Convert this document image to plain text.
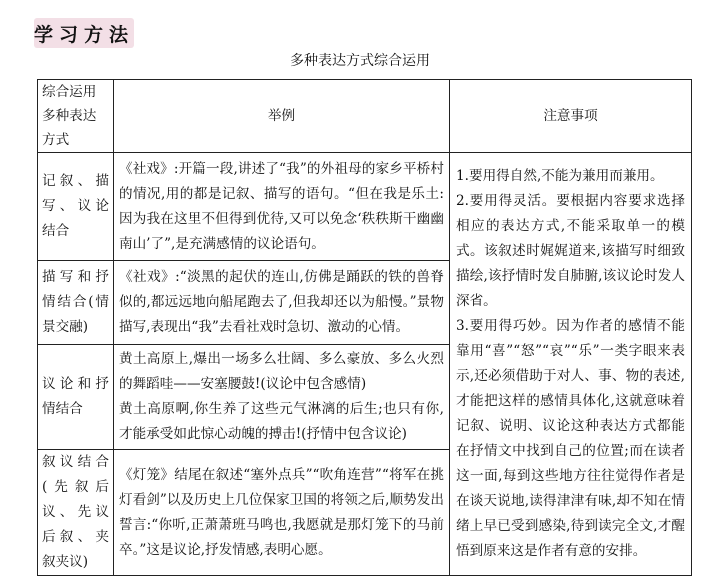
学习方法
多种表达方式综合运用
综合运用多种表达方式	举例	注意事项
记叙、描写、议论结合	《社戏》:开篇一段,讲述了“我”的外祖母的家乡平桥村的情况,用的都是记叙、描写的语句。“但在我是乐土:因为我在这里不但得到优待,又可以免念‘秩秩斯干幽幽南山’了”,是充满感情的议论语句。	1.要用得自然,不能为兼用而兼用。
2.要用得灵活。要根据内容要求选择相应的表达方式,不能采取单一的模式。该叙述时娓娓道来,该描写时细致描绘,该抒情时发自肺腑,该议论时发人深省。
3.要用得巧妙。因为作者的感情不能靠用“喜”“怒”“哀”“乐”一类字眼来表示,还必须借助于对人、事、物的表述,才能把这样的感情具体化,这就意味着记叙、说明、议论这种表达方式都能在抒情文中找到自己的位置;而在读者这一面,每到这些地方往往觉得作者是在谈天说地,读得津津有味,却不知在情绪上早已受到感染,待到读完全文,才醒悟到原来这是作者有意的安排。

描写和抒情结合(情景交融)	《社戏》:“淡黑的起伏的连山,仿佛是踊跃的铁的兽脊似的,都远远地向船尾跑去了,但我却还以为船慢。”景物描写,表现出“我”去看社戏时急切、激动的心情。	

议论和抒情结合	黄土高原上,爆出一场多么壮阔、多么豪放、多么火烈的舞蹈哇——安塞腰鼓!(议论中包含感情)
黄土高原啊,你生养了这些元气淋漓的后生;也只有你,才能承受如此惊心动魄的搏击!(抒情中包含议论)	

叙议结合(先叙后议、先议后叙、夹叙夹议)	《灯笼》结尾在叙述“塞外点兵”“吹角连营”“将军在挑灯看剑”以及历史上几位保家卫国的将领之后,顺势发出誓言:“你听,正萧萧班马鸣也,我愿就是那灯笼下的马前卒。”这是议论,抒发情感,表明心愿。	
